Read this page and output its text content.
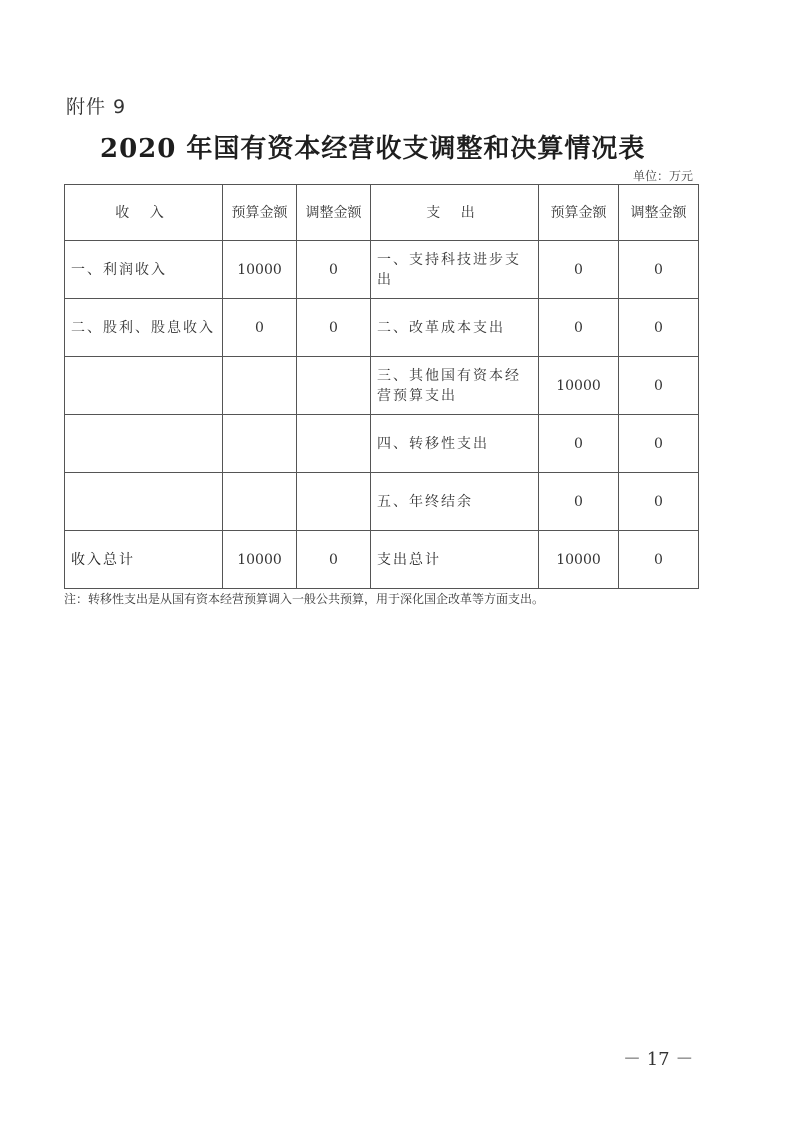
附件 9
2020 年国有资本经营收支调整和决算情况表
单位：万元
收 入	预算金额	调整金额	支 出	预算金额	调整金额
一、利润收入	10000	0	一、支持科技进步支出	0	0
二、股利、股息收入	0	0	二、改革成本支出	0	0
			三、其他国有资本经营预算支出	10000	0
			四、转移性支出	0	0
			五、年终结余	0	0
收入总计	10000	0	支出总计	10000	0
注：转移性支出是从国有资本经营预算调入一般公共预算，用于深化国企改革等方面支出。
－ 17 －
